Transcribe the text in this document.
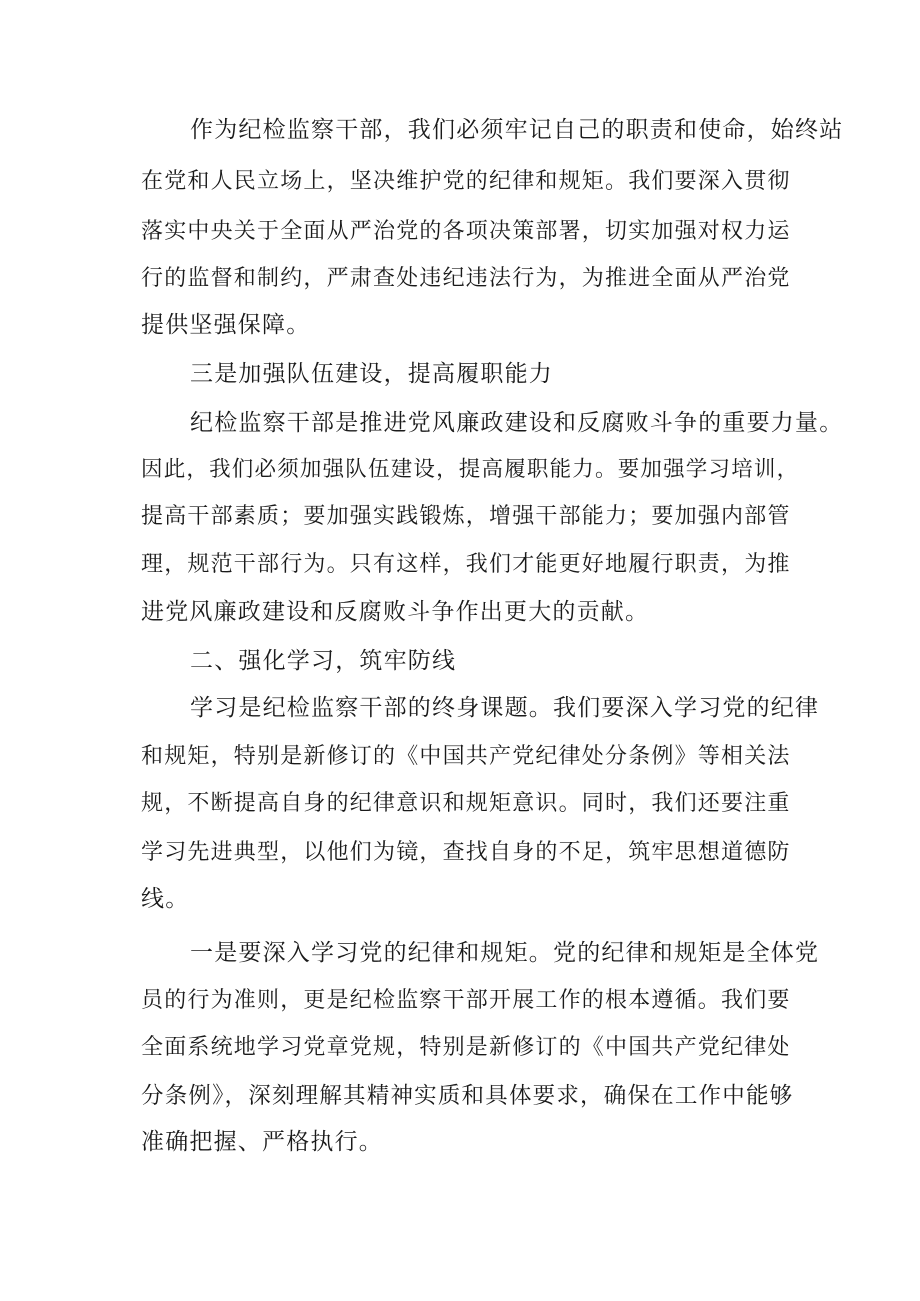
作为纪检监察干部，我们必须牢记自己的职责和使命，始终站
在党和人民立场上，坚决维护党的纪律和规矩。我们要深入贯彻
落实中央关于全面从严治党的各项决策部署，切实加强对权力运
行的监督和制约，严肃查处违纪违法行为，为推进全面从严治党
提供坚强保障。
三是加强队伍建设，提高履职能力
纪检监察干部是推进党风廉政建设和反腐败斗争的重要力量。
因此，我们必须加强队伍建设，提高履职能力。要加强学习培训，
提高干部素质；要加强实践锻炼，增强干部能力；要加强内部管
理，规范干部行为。只有这样，我们才能更好地履行职责，为推
进党风廉政建设和反腐败斗争作出更大的贡献。
二、强化学习，筑牢防线
学习是纪检监察干部的终身课题。我们要深入学习党的纪律
和规矩，特别是新修订的《中国共产党纪律处分条例》等相关法
规，不断提高自身的纪律意识和规矩意识。同时，我们还要注重
学习先进典型，以他们为镜，查找自身的不足，筑牢思想道德防
线。
一是要深入学习党的纪律和规矩。党的纪律和规矩是全体党
员的行为准则，更是纪检监察干部开展工作的根本遵循。我们要
全面系统地学习党章党规，特别是新修订的《中国共产党纪律处
分条例》，深刻理解其精神实质和具体要求，确保在工作中能够
准确把握、严格执行。
